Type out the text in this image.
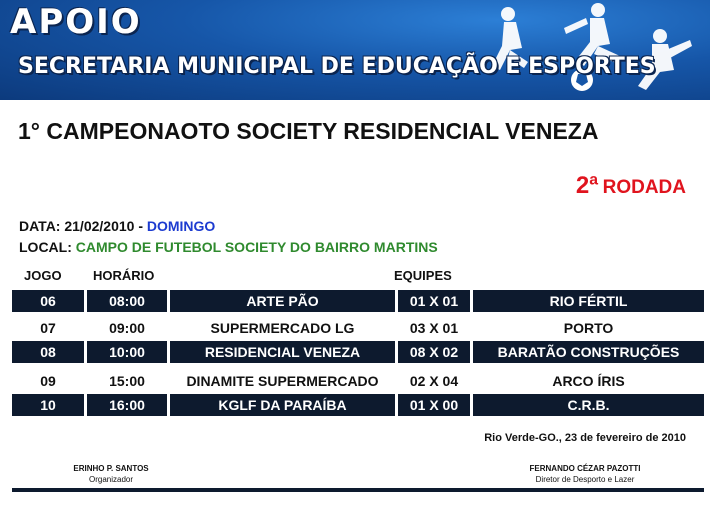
APOIO
SECRETARIA MUNICIPAL DE EDUCAÇÃO E ESPORTES
1° CAMPEONAOTO SOCIETY RESIDENCIAL VENEZA
2ª RODADA
DATA: 21/02/2010 - DOMINGO
LOCAL: CAMPO DE FUTEBOL SOCIETY DO BAIRRO MARTINS
JOGO HORÁRIO	EQUIPES
06	08:00	ARTE PÃO	01 X 01	RIO FÉRTIL
07	09:00	SUPERMERCADO LG	03 X 01	PORTO
08	10:00	RESIDENCIAL VENEZA	08 X 02	BARATÃO CONSTRUÇÕES
09	15:00	DINAMITE SUPERMERCADO	02 X 04	ARCO ÍRIS
10	16:00	KGLF DA PARAÍBA	01 X 00	C.R.B.
Rio Verde-GO., 23 de fevereiro de 2010
ERINHO P. SANTOS
Organizador
FERNANDO CÉZAR PAZOTTI
Diretor de Desporto e Lazer
